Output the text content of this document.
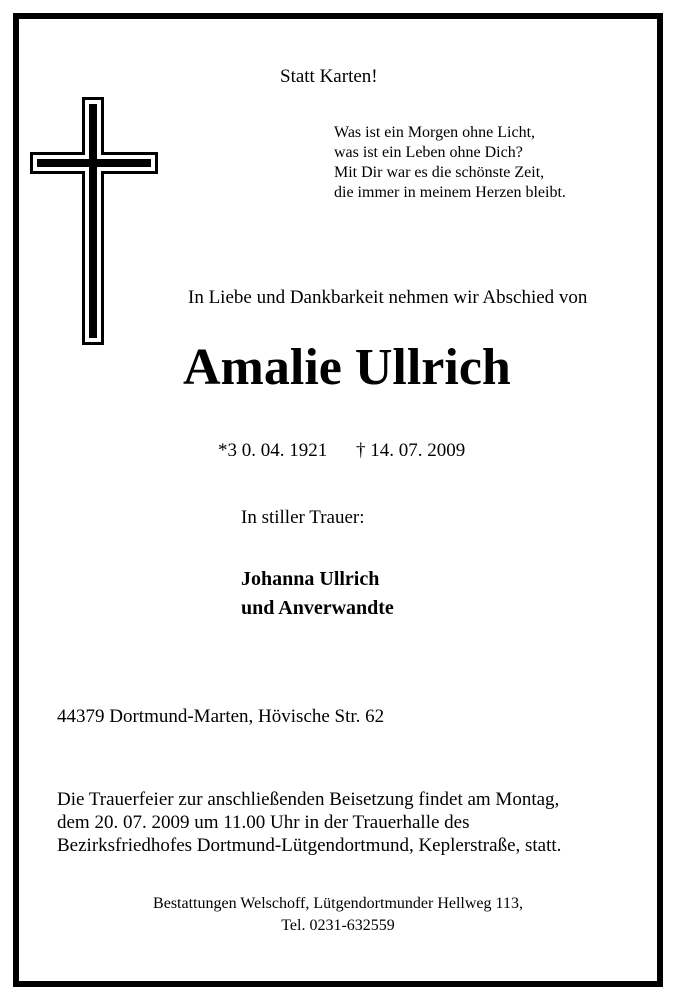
Statt Karten!
Was ist ein Morgen ohne Licht,
was ist ein Leben ohne Dich?
Mit Dir war es die schönste Zeit,
die immer in meinem Herzen bleibt.
In Liebe und Dankbarkeit nehmen wir Abschied von
Amalie Ullrich
*3 0. 04. 1921 † 14. 07. 2009
In stiller Trauer:
Johanna Ullrich
und Anverwandte
44379 Dortmund-Marten, Hövische Str. 62
Die Trauerfeier zur anschließenden Beisetzung findet am Montag,
dem 20. 07. 2009 um 11.00 Uhr in der Trauerhalle des
Bezirksfriedhofes Dortmund-Lütgendortmund, Keplerstraße, statt.
Bestattungen Welschoff, Lütgendortmunder Hellweg 113,
Tel. 0231-632559
